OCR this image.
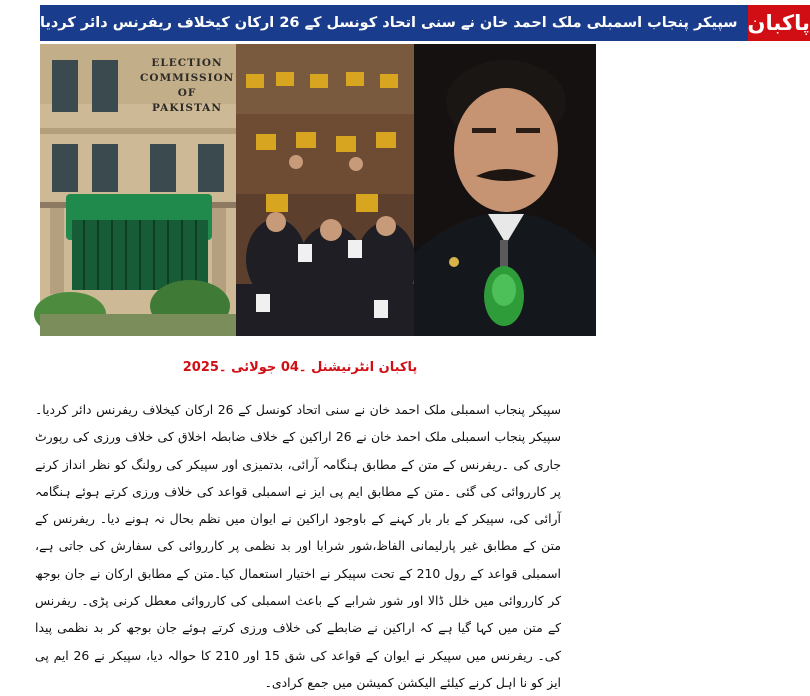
سپیکر پنجاب اسمبلی ملک احمد خان نے سنی اتحاد کونسل کے 26 ارکان کیخلاف ریفرنس دائر کردیا پاکبان
ELECTION
COMMISSION OF
PAKISTAN
پاکبان انٹرنیشنل ۔04 جولائی ۔2025
سپیکر پنجاب اسمبلی ملک احمد خان نے سنی اتحاد کونسل کے 26 ارکان کیخلاف ریفرنس دائر کردیا۔سپیکر پنجاب اسمبلی ملک احمد خان نے 26 اراکین کے خلاف ضابطہ اخلاق کی خلاف ورزی کی رپورٹ جاری کی ۔ریفرنس کے متن کے مطابق ہنگامہ آرائی، بدتمیزی اور سپیکر کی رولنگ کو نظر انداز کرنے پر کارروائی کی گئی ۔متن کے مطابق ایم پی ایز نے اسمبلی قواعد کی خلاف ورزی کرتے ہوئے ہنگامہ آرائی کی، سپیکر کے بار بار کہنے کے باوجود اراکین نے ایوان میں نظم بحال نہ ہونے دیا۔ ریفرنس کے متن کے مطابق غیر پارلیمانی الفاظ،شور شرابا اور بد نظمی پر کارروائی کی سفارش کی جاتی ہے، اسمبلی قواعد کے رول 210 کے تحت سپیکر نے اختیار استعمال کیا۔متن کے مطابق ارکان نے جان بوجھ کر کارروائی میں خلل ڈالا اور شور شرابے کے باعث اسمبلی کی کارروائی معطل کرنی پڑی۔ ریفرنس کے متن میں کہا گیا ہے کہ اراکین نے ضابطے کی خلاف ورزی کرتے ہوئے جان بوجھ کر بد نظمی پیدا کی۔ ریفرنس میں سپیکر نے ایوان کے قواعد کی شق 15 اور 210 کا حوالہ دیا، سپیکر نے 26 ایم پی ایز کو نا اہل کرنے کیلئے الیکشن کمیشن میں جمع کرادی۔
